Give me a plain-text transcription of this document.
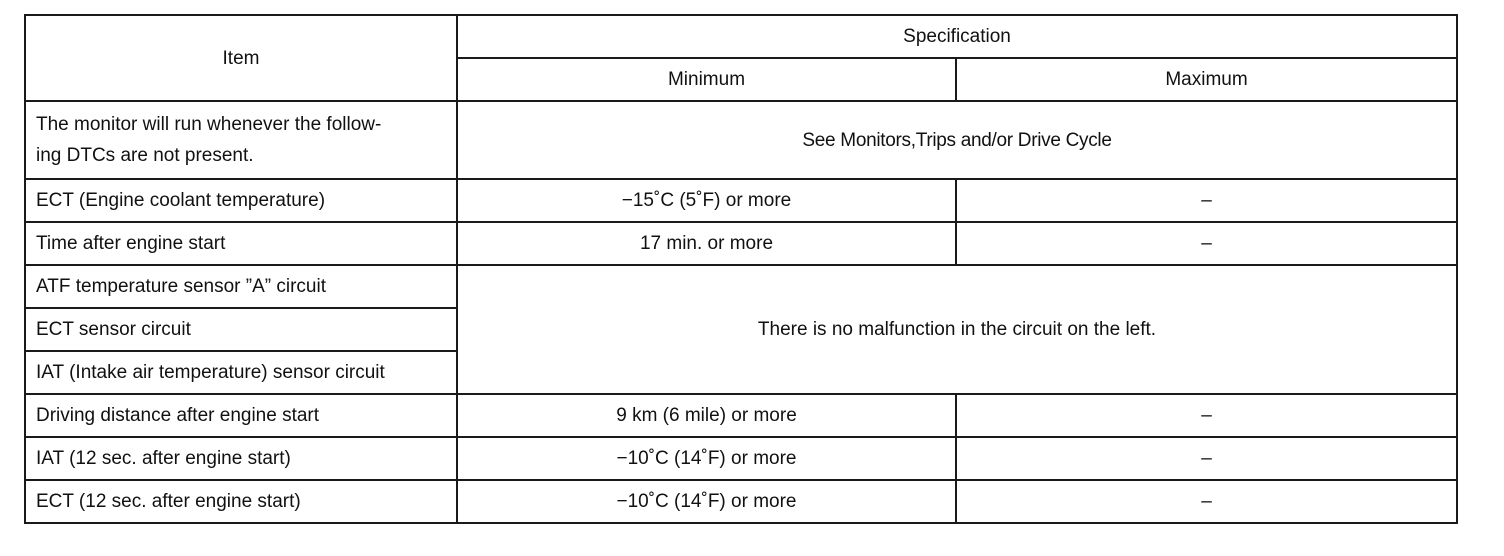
Item	Specification	
	Minimum	Maximum

The monitor will run whenever the follow-
ing DTCs are not present.	See Monitors,Trips and/or Drive Cycle	
ECT (Engine coolant temperature)	−15˚C (5˚F) or more	–
Time after engine start	17 min. or more	–
ATF temperature sensor ”A” circuit	There is no malfunction in the circuit on the left.	
ECT sensor circuit		
IAT (Intake air temperature) sensor circuit		
Driving distance after engine start	9 km (6 mile) or more	–
IAT (12 sec. after engine start)	−10˚C (14˚F) or more	–
ECT (12 sec. after engine start)	−10˚C (14˚F) or more	–
